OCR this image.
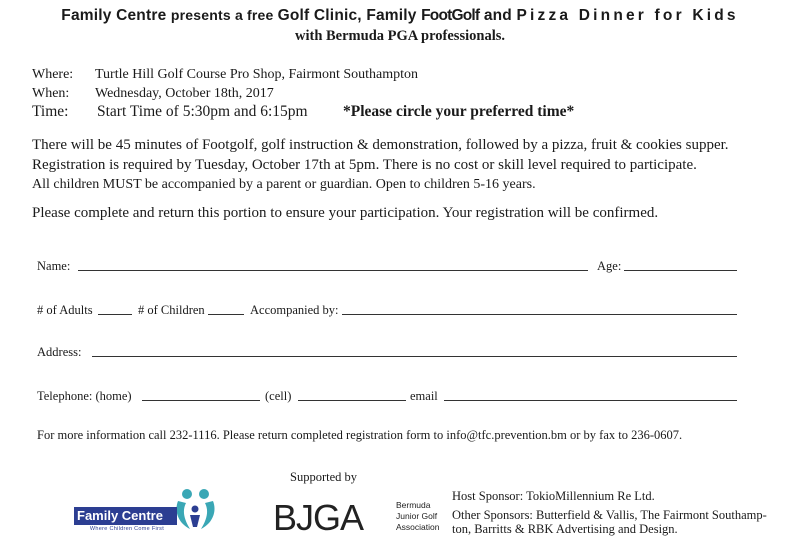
Family Centre presents a free Golf Clinic, Family FootGolf and Pizza Dinner for Kids
with Bermuda PGA professionals.
Where: Turtle Hill Golf Course Pro Shop, Fairmont Southampton
When: Wednesday, October 18th, 2017
Time: Start Time of 5:30pm and 6:15pm *Please circle your preferred time*
There will be 45 minutes of Footgolf, golf instruction & demonstration, followed by a pizza, fruit & cookies supper.
Registration is required by Tuesday, October 17th at 5pm. There is no cost or skill level required to participate.
All children MUST be accompanied by a parent or guardian. Open to children 5-16 years.
Please complete and return this portion to ensure your participation. Your registration will be confirmed.
Name:	Age:
# of Adults	# of Children	Accompanied by:
Address:
Telephone: (home)	(cell)	email
For more information call 232-1116. Please return completed registration form to info@tfc.prevention.bm or by fax to 236-0607.
Supported by
Family Centre
Where Children Come First	BJGA	Bermuda
Junior Golf
Association
Host Sponsor: TokioMillennium Re Ltd.
Other Sponsors: Butterfield & Vallis, The Fairmont Southamp-
ton, Barritts & RBK Advertising and Design.
